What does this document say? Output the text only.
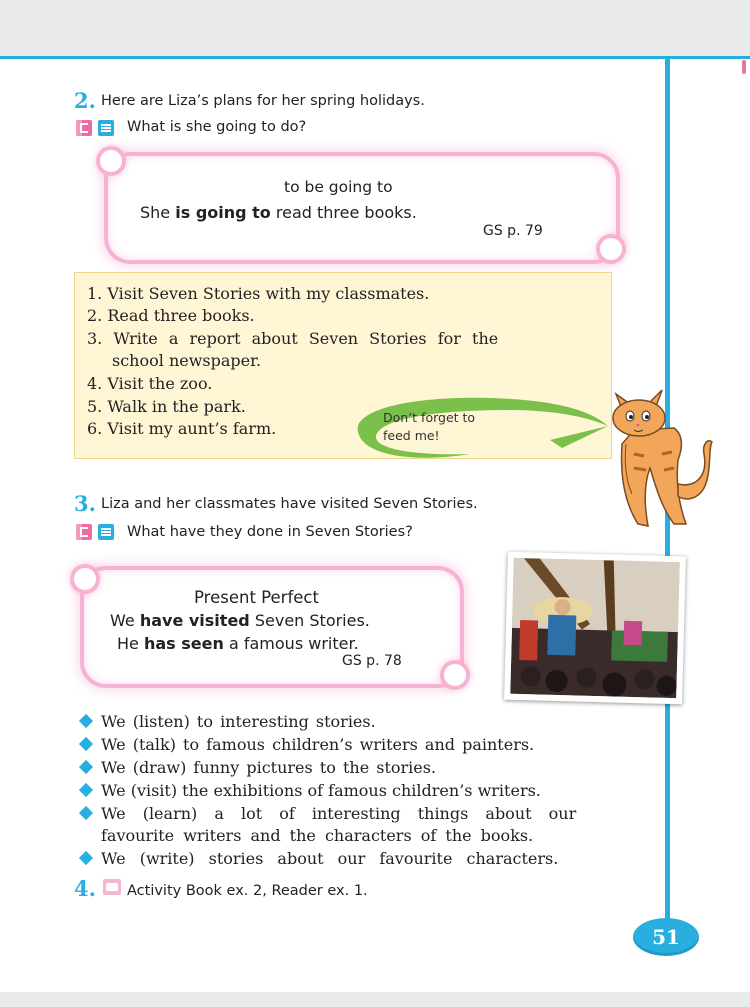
2. Here are Liza’s plans for her spring holidays.
What is she going to do?
to be going to
She is going to read three books.
GS p. 79
1. Visit Seven Stories with my classmates.
2. Read three books.
3. Write a report about Seven Stories for the
school newspaper.
4. Visit the zoo.
5. Walk in the park.
6. Visit my aunt’s farm.
Don’t forget to
feed me!
3. Liza and her classmates have visited Seven Stories.
What have they done in Seven Stories?
Present Perfect
We have visited Seven Stories.
He has seen a famous writer.
GS p. 78
We (listen) to interesting stories.
We (talk) to famous children’s writers and painters.
We (draw) funny pictures to the stories.
We (visit) the exhibitions of famous children’s writers.
We (learn) a lot of interesting things about our
favourite writers and the characters of the books.
We (write) stories about our favourite characters.
4. Activity Book ex. 2, Reader ex. 1.
51
